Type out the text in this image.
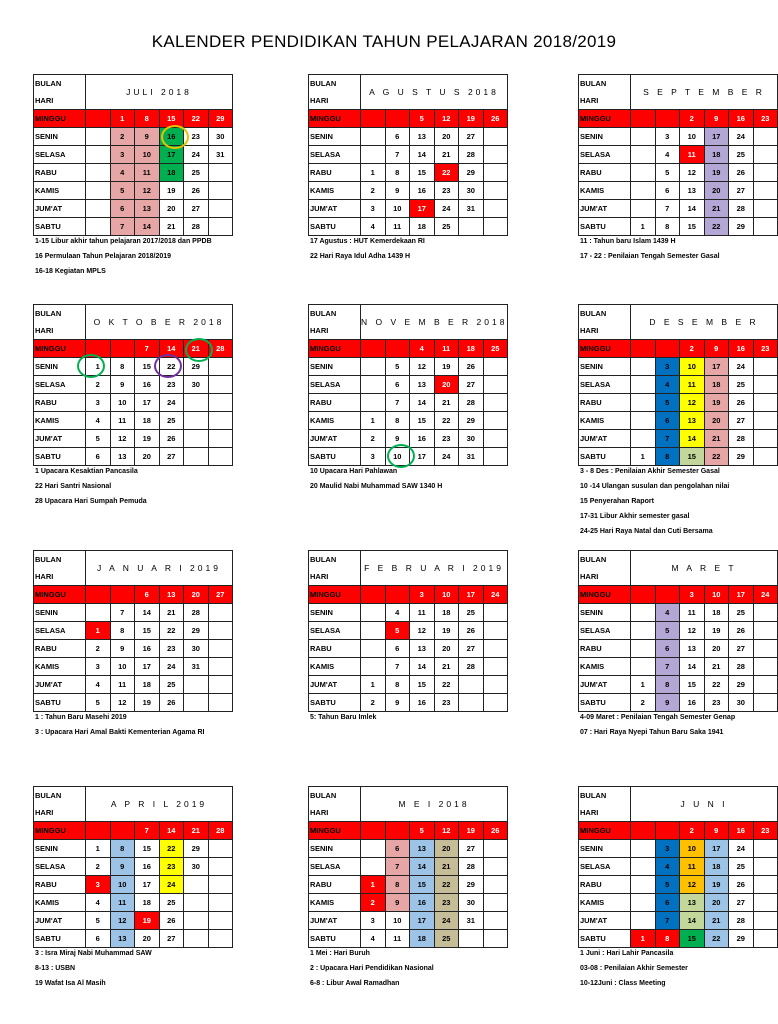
KALENDER PENDIDIKAN TAHUN PELAJARAN 2018/2019
BULAN	JULI 2018					
HARI						
MINGGU		1	8	15	22	29
SENIN		2	9	16	23	30
SELASA		3	10	17	24	31
RABU		4	11	18	25	
KAMIS		5	12	19	26	
JUM'AT		6	13	20	27	
SABTU		7	14	21	28	
1-15 Libur akhir tahun pelajaran 2017/2018 dan PPDB
16 Permulaan Tahun Pelajaran 2018/2019
16-18 Kegiatan MPLS
BULAN	A G U S T U S 2018					
HARI						
MINGGU			5	12	19	26
SENIN		6	13	20	27	
SELASA		7	14	21	28	
RABU	1	8	15	22	29	
KAMIS	2	9	16	23	30	
JUM'AT	3	10	17	24	31	
SABTU	4	11	18	25		
17 Agustus : HUT Kemerdekaan RI
22 Hari Raya Idul Adha 1439 H
BULAN	S E P T E M B E R					
HARI						
MINGGU			2	9	16	23
SENIN		3	10	17	24	
SELASA		4	11	18	25	
RABU		5	12	19	26	
KAMIS		6	13	20	27	
JUM'AT		7	14	21	28	
SABTU	1	8	15	22	29	
11 : Tahun baru Islam 1439 H
17 - 22 : Penilaian Tengah Semester Gasal
BULAN	O K T O B E R 2018					
HARI						
MINGGU			7	14	21	28
SENIN	1	8	15	22	29	
SELASA	2	9	16	23	30	
RABU	3	10	17	24		
KAMIS	4	11	18	25		
JUM'AT	5	12	19	26		
SABTU	6	13	20	27		
1 Upacara Kesaktian Pancasila
22 Hari Santri Nasional
28 Upacara Hari Sumpah Pemuda
BULAN	N O V E M B E R 2018					
HARI						
MINGGU			4	11	18	25
SENIN		5	12	19	26	
SELASA		6	13	20	27	
RABU		7	14	21	28	
KAMIS	1	8	15	22	29	
JUM'AT	2	9	16	23	30	
SABTU	3	10	17	24	31	
10 Upacara Hari Pahlawan
20 Maulid Nabi Muhammad SAW 1340 H
BULAN	D E S E M B E R					
HARI						
MINGGU			2	9	16	23
SENIN		3	10	17	24	
SELASA		4	11	18	25	
RABU		5	12	19	26	
KAMIS		6	13	20	27	
JUM'AT		7	14	21	28	
SABTU	1	8	15	22	29	
3 - 8 Des : Penilaian Akhir Semester Gasal
10 -14 Ulangan susulan dan pengolahan nilai
15 Penyerahan Raport
17-31 Libur Akhir semester gasal
24-25 Hari Raya Natal dan Cuti Bersama
BULAN	J A N U A R I 2019					
HARI						
MINGGU			6	13	20	27
SENIN		7	14	21	28	
SELASA	1	8	15	22	29	
RABU	2	9	16	23	30	
KAMIS	3	10	17	24	31	
JUM'AT	4	11	18	25		
SABTU	5	12	19	26		
1 : Tahun Baru Masehi 2019
3 : Upacara Hari Amal Bakti Kementerian Agama RI
BULAN	F E B R U A R I 2019					
HARI						
MINGGU			3	10	17	24
SENIN		4	11	18	25	
SELASA		5	12	19	26	
RABU		6	13	20	27	
KAMIS		7	14	21	28	
JUM'AT	1	8	15	22		
SABTU	2	9	16	23		
5: Tahun Baru Imlek
BULAN	M A R E T					
HARI						
MINGGU			3	10	17	24
SENIN		4	11	18	25	
SELASA		5	12	19	26	
RABU		6	13	20	27	
KAMIS		7	14	21	28	
JUM'AT	1	8	15	22	29	
SABTU	2	9	16	23	30	
4-09 Maret : Penilaian Tengah Semester Genap
07 : Hari Raya Nyepi Tahun Baru Saka 1941
BULAN	A P R I L 2019					
HARI						
MINGGU			7	14	21	28
SENIN	1	8	15	22	29	
SELASA	2	9	16	23	30	
RABU	3	10	17	24		
KAMIS	4	11	18	25		
JUM'AT	5	12	19	26		
SABTU	6	13	20	27		
3 : Isra Miraj Nabi Muhammad SAW
8-13 : USBN
19 Wafat Isa Al Masih
BULAN	M E I 2018					
HARI						
MINGGU			5	12	19	26
SENIN		6	13	20	27	
SELASA		7	14	21	28	
RABU	1	8	15	22	29	
KAMIS	2	9	16	23	30	
JUM'AT	3	10	17	24	31	
SABTU	4	11	18	25		
1 Mei : Hari Buruh
2 : Upacara Hari Pendidikan Nasional
6-8 : Libur Awal Ramadhan
BULAN	J U N I					
HARI						
MINGGU			2	9	16	23
SENIN		3	10	17	24	
SELASA		4	11	18	25	
RABU		5	12	19	26	
KAMIS		6	13	20	27	
JUM'AT		7	14	21	28	
SABTU	1	8	15	22	29	
1 Juni : Hari Lahir Pancasila
03-08 : Penilaian Akhir Semester
10-12Juni : Class Meeting
